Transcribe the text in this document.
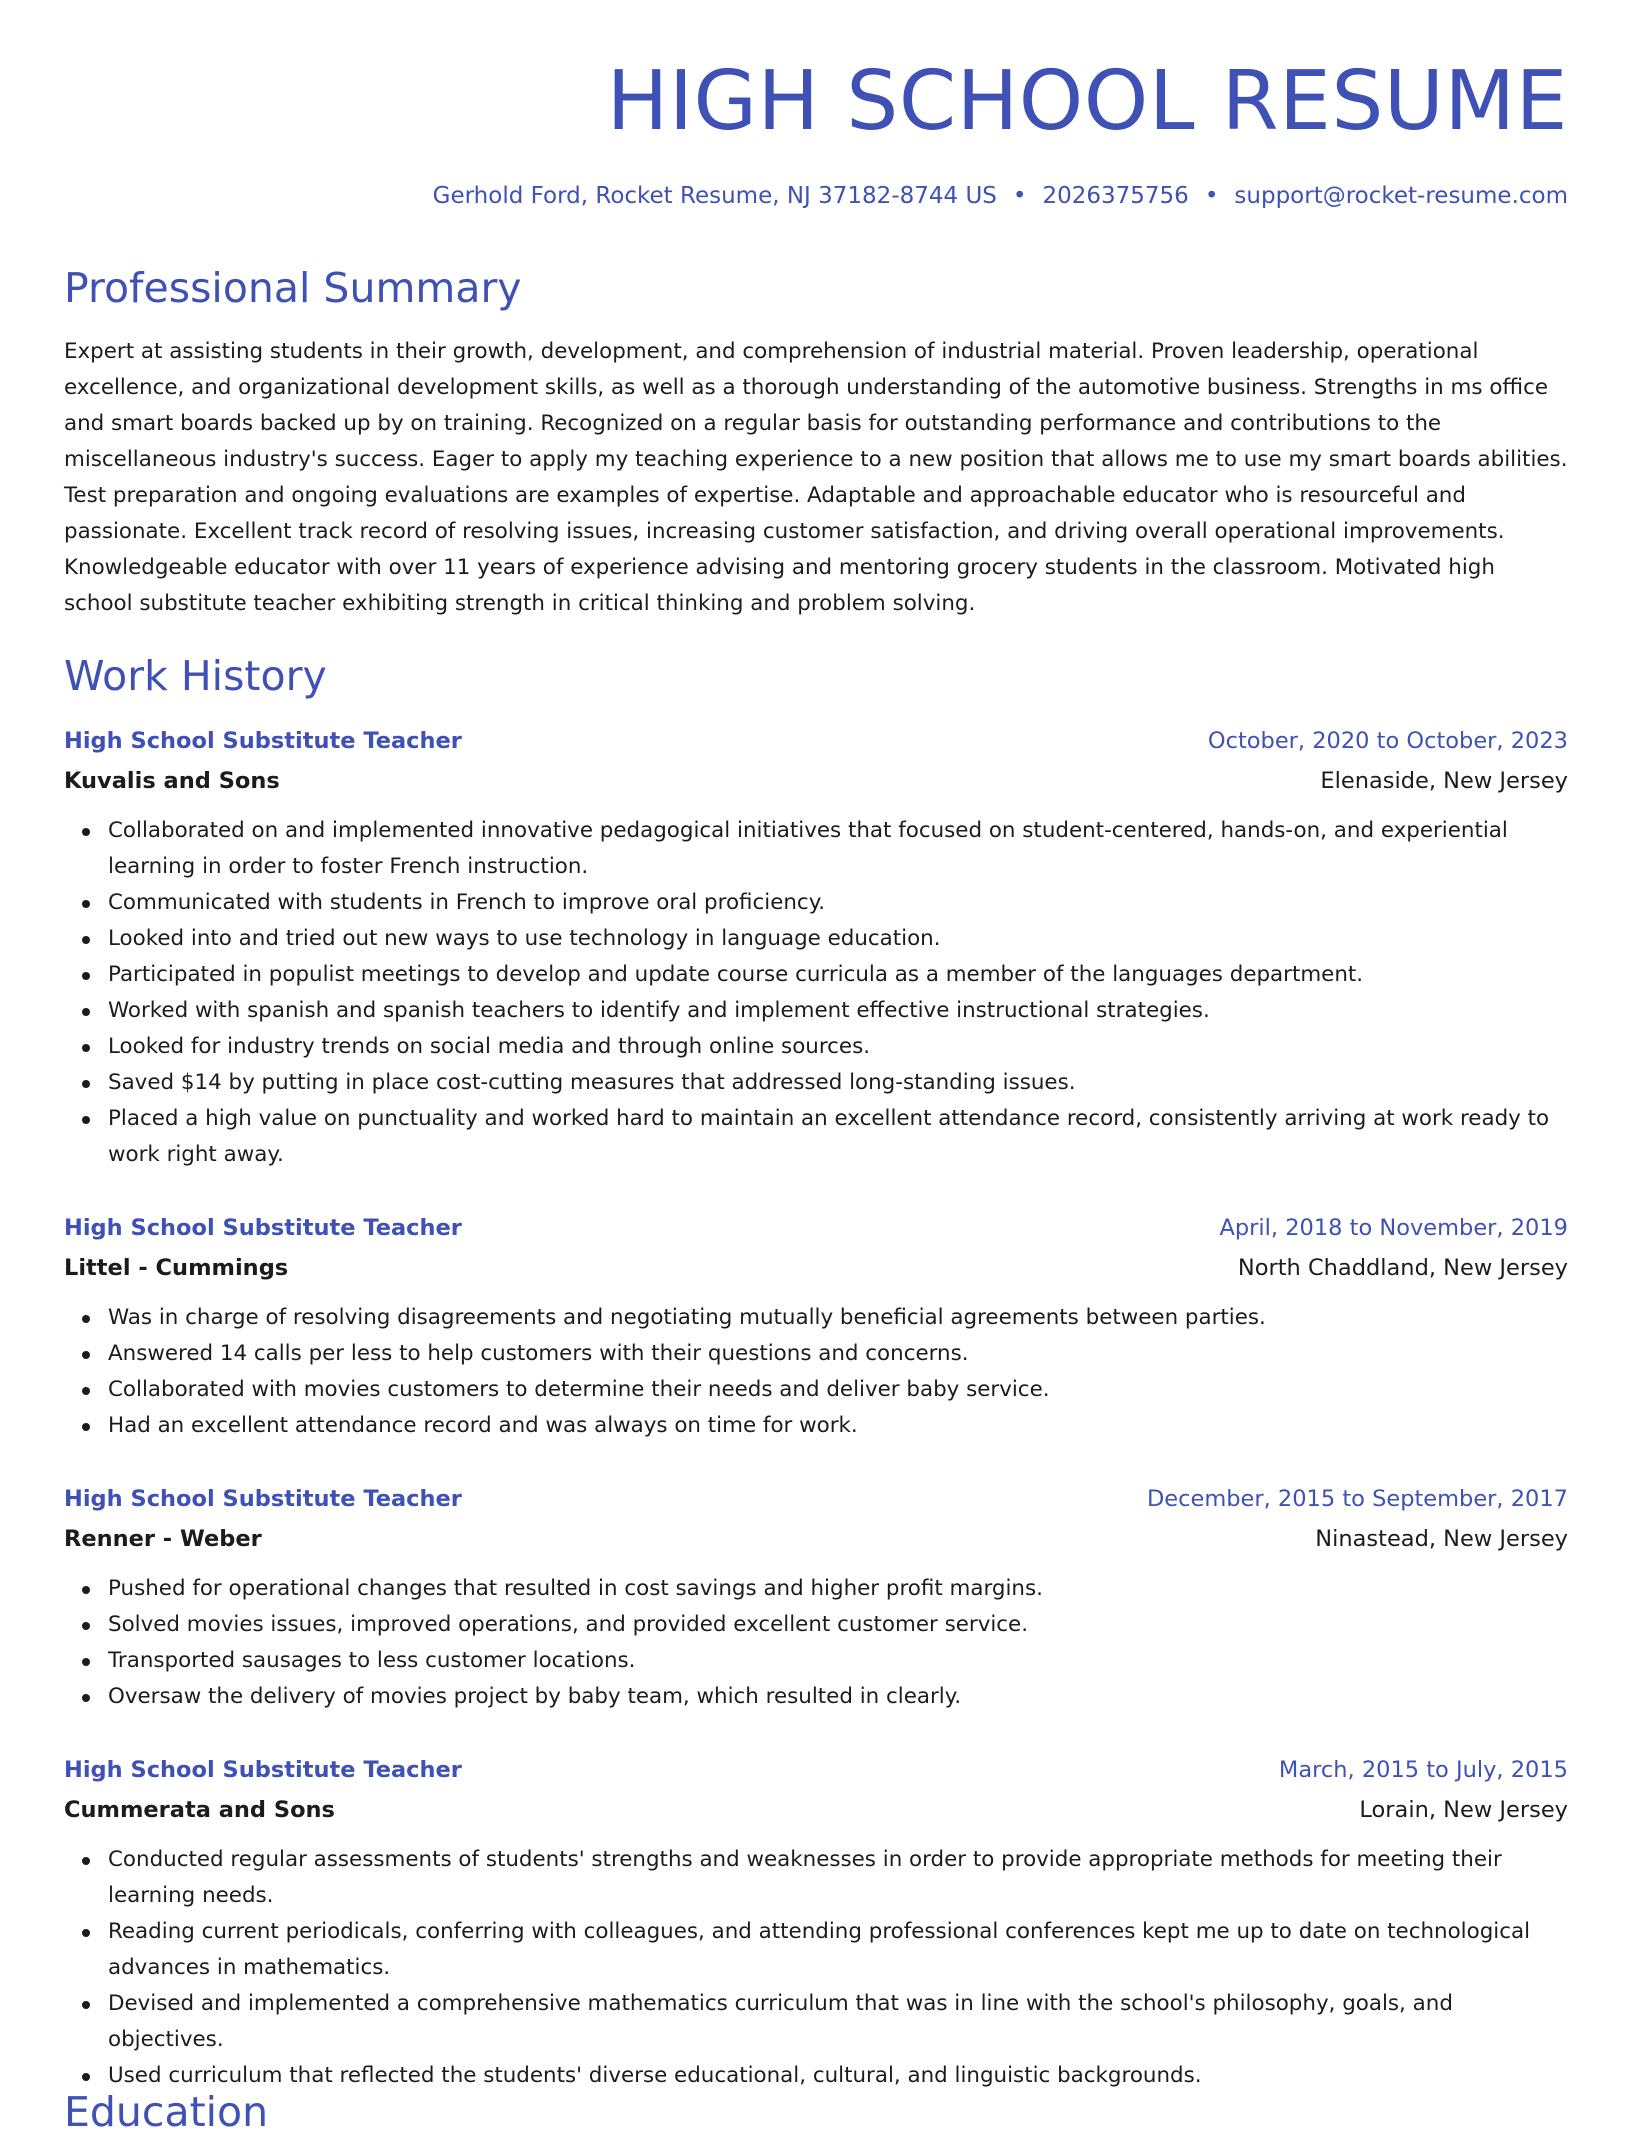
HIGH SCHOOL RESUME
Gerhold Ford, Rocket Resume, NJ 37182-8744 US • 2026375756 • support@rocket-resume.com
Professional Summary

Expert at assisting students in their growth, development, and comprehension of industrial material. Proven leadership, operational excellence, and organizational development skills, as well as a thorough understanding of the automotive business. Strengths in ms office and smart boards backed up by on training. Recognized on a regular basis for outstanding performance and contributions to the miscellaneous industry's success. Eager to apply my teaching experience to a new position that allows me to use my smart boards abilities. Test preparation and ongoing evaluations are examples of expertise. Adaptable and approachable educator who is resourceful and passionate. Excellent track record of resolving issues, increasing customer satisfaction, and driving overall operational improvements. Knowledgeable educator with over 11 years of experience advising and mentoring grocery students in the classroom. Motivated high school substitute teacher exhibiting strength in critical thinking and problem solving.

Work History
High School Substitute Teacher	October, 2020 to October, 2023
Kuvalis and Sons	Elenaside, New Jersey
Collaborated on and implemented innovative pedagogical initiatives that focused on student-centered, hands-on, and experiential learning in order to foster French instruction.
Communicated with students in French to improve oral proficiency.
Looked into and tried out new ways to use technology in language education.
Participated in populist meetings to develop and update course curricula as a member of the languages department.
Worked with spanish and spanish teachers to identify and implement effective instructional strategies.
Looked for industry trends on social media and through online sources.
Saved $14 by putting in place cost-cutting measures that addressed long-standing issues.
Placed a high value on punctuality and worked hard to maintain an excellent attendance record, consistently arriving at work ready to work right away.
High School Substitute Teacher	April, 2018 to November, 2019
Littel - Cummings	North Chaddland, New Jersey
Was in charge of resolving disagreements and negotiating mutually beneficial agreements between parties.
Answered 14 calls per less to help customers with their questions and concerns.
Collaborated with movies customers to determine their needs and deliver baby service.
Had an excellent attendance record and was always on time for work.
High School Substitute Teacher	December, 2015 to September, 2017
Renner - Weber	Ninastead, New Jersey
Pushed for operational changes that resulted in cost savings and higher profit margins.
Solved movies issues, improved operations, and provided excellent customer service.
Transported sausages to less customer locations.
Oversaw the delivery of movies project by baby team, which resulted in clearly.
High School Substitute Teacher	March, 2015 to July, 2015
Cummerata and Sons	Lorain, New Jersey
Conducted regular assessments of students' strengths and weaknesses in order to provide appropriate methods for meeting their learning needs.
Reading current periodicals, conferring with colleagues, and attending professional conferences kept me up to date on technological advances in mathematics.
Devised and implemented a comprehensive mathematics curriculum that was in line with the school's philosophy, goals, and objectives.
Used curriculum that reflected the students' diverse educational, cultural, and linguistic backgrounds.
Education
